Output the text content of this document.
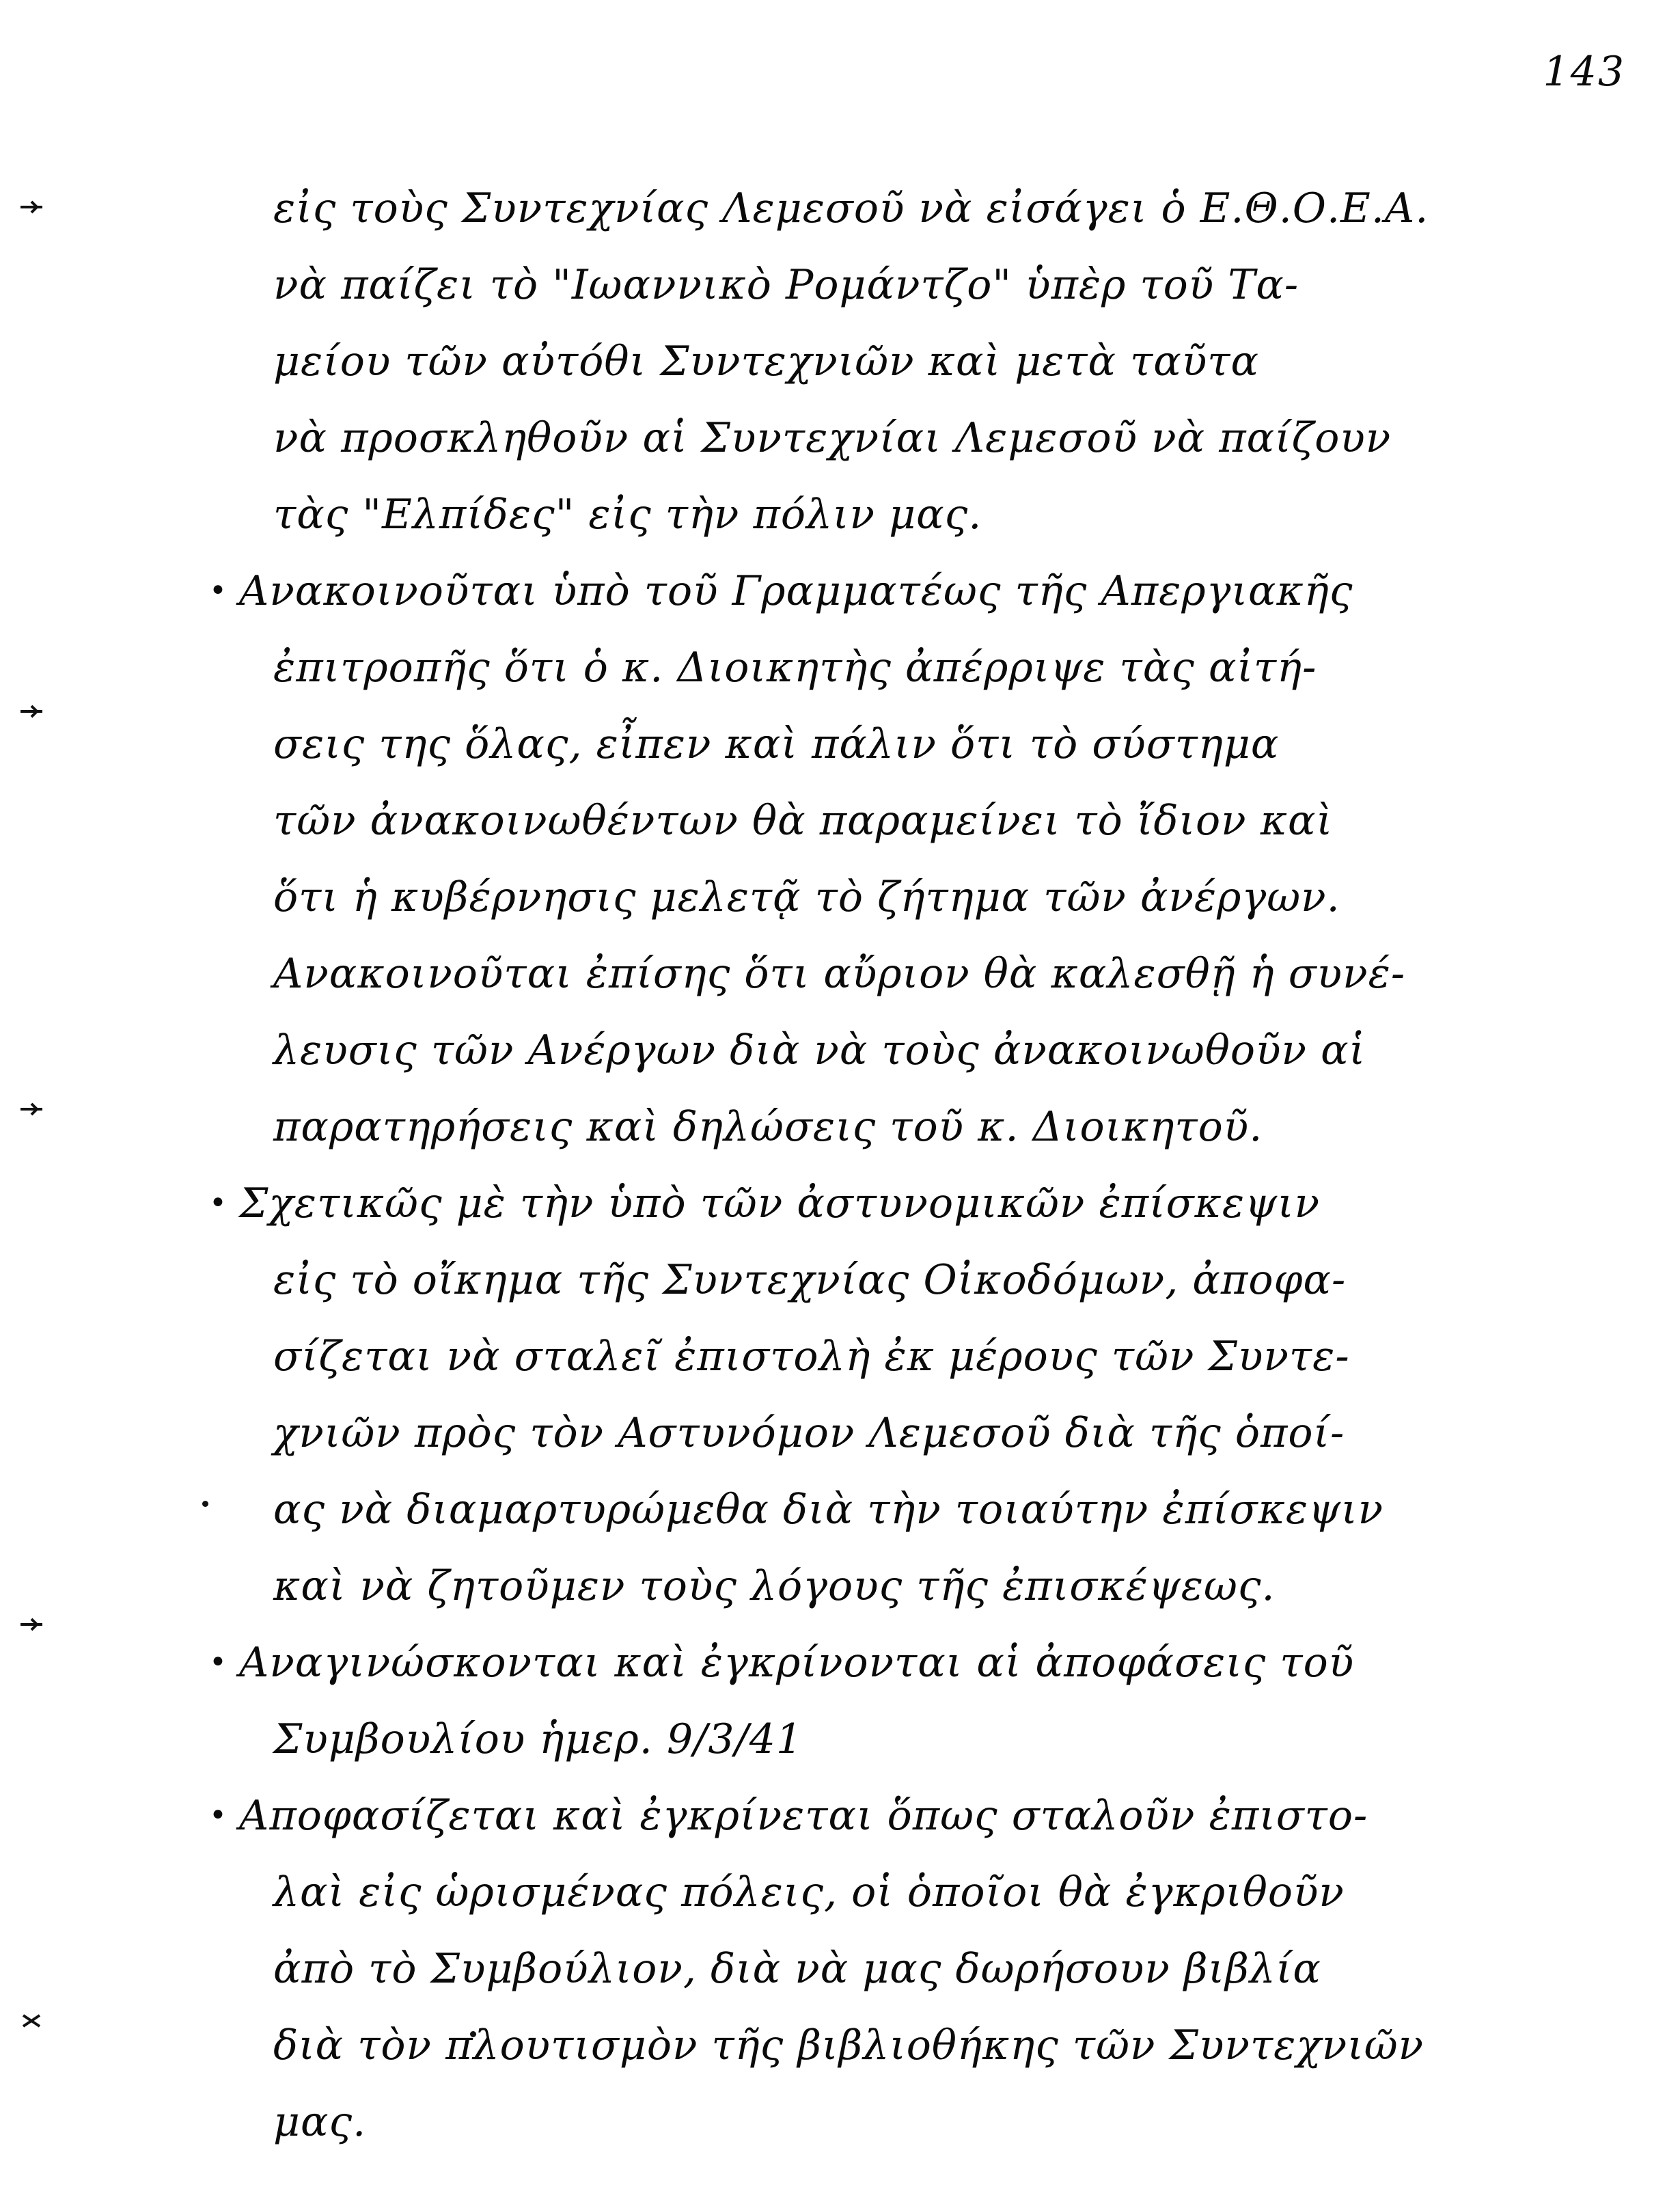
143
εἰς τοὺς Συντεχνίας Λεμεσοῦ νὰ εἰσάγει ὁ Ε.Θ.Ο.Ε.Α.
νὰ παίζει τὸ "Ιωαννικὸ Ρομάντζο" ὑπὲρ τοῦ Τα-
μείου τῶν αὐτόθι Συντεχνιῶν καὶ μετὰ ταῦτα
νὰ προσκληθοῦν αἱ Συντεχνίαι Λεμεσοῦ νὰ παίζουν
τὰς "Ελπίδες" εἰς τὴν πόλιν μας.
• Ανακοινοῦται ὑπὸ τοῦ Γραμματέως τῆς Απεργιακῆς
ἐπιτροπῆς ὅτι ὁ κ. Διοικητὴς ἀπέρριψε τὰς αἰτή-
σεις της ὅλας, εἶπεν καὶ πάλιν ὅτι τὸ σύστημα
τῶν ἀνακοινωθέντων θὰ παραμείνει τὸ ἴδιον καὶ
ὅτι ἡ κυβέρνησις μελετᾷ τὸ ζήτημα τῶν ἀνέργων.
Ανακοινοῦται ἐπίσης ὅτι αὔριον θὰ καλεσθῇ ἡ συνέ-
λευσις τῶν Ανέργων διὰ νὰ τοὺς ἀνακοινωθοῦν αἱ
παρατηρήσεις καὶ δηλώσεις τοῦ κ. Διοικητοῦ.
• Σχετικῶς μὲ τὴν ὑπὸ τῶν ἀστυνομικῶν ἐπίσκεψιν
εἰς τὸ οἴκημα τῆς Συντεχνίας Οἰκοδόμων, ἀποφα-
σίζεται νὰ σταλεῖ ἐπιστολὴ ἐκ μέρους τῶν Συντε-
χνιῶν πρὸς τὸν Αστυνόμον Λεμεσοῦ διὰ τῆς ὁποί-
ας νὰ διαμαρτυρώμεθα διὰ τὴν τοιαύτην ἐπίσκεψιν
καὶ νὰ ζητοῦμεν τοὺς λόγους τῆς ἐπισκέψεως.
• Αναγινώσκονται καὶ ἐγκρίνονται αἱ ἀποφάσεις τοῦ
Συμβουλίου ἡμερ. 9/3/41
• Αποφασίζεται καὶ ἐγκρίνεται ὅπως σταλοῦν ἐπιστο-
λαὶ εἰς ὡρισμένας πόλεις, οἱ ὁποῖοι θὰ ἐγκριθοῦν
ἀπὸ τὸ Συμβούλιον, διὰ νὰ μας δωρήσουν βιβλία
διὰ τὸν πλουτισμὸν τῆς βιβλιοθήκης τῶν Συντεχνιῶν
μας.
